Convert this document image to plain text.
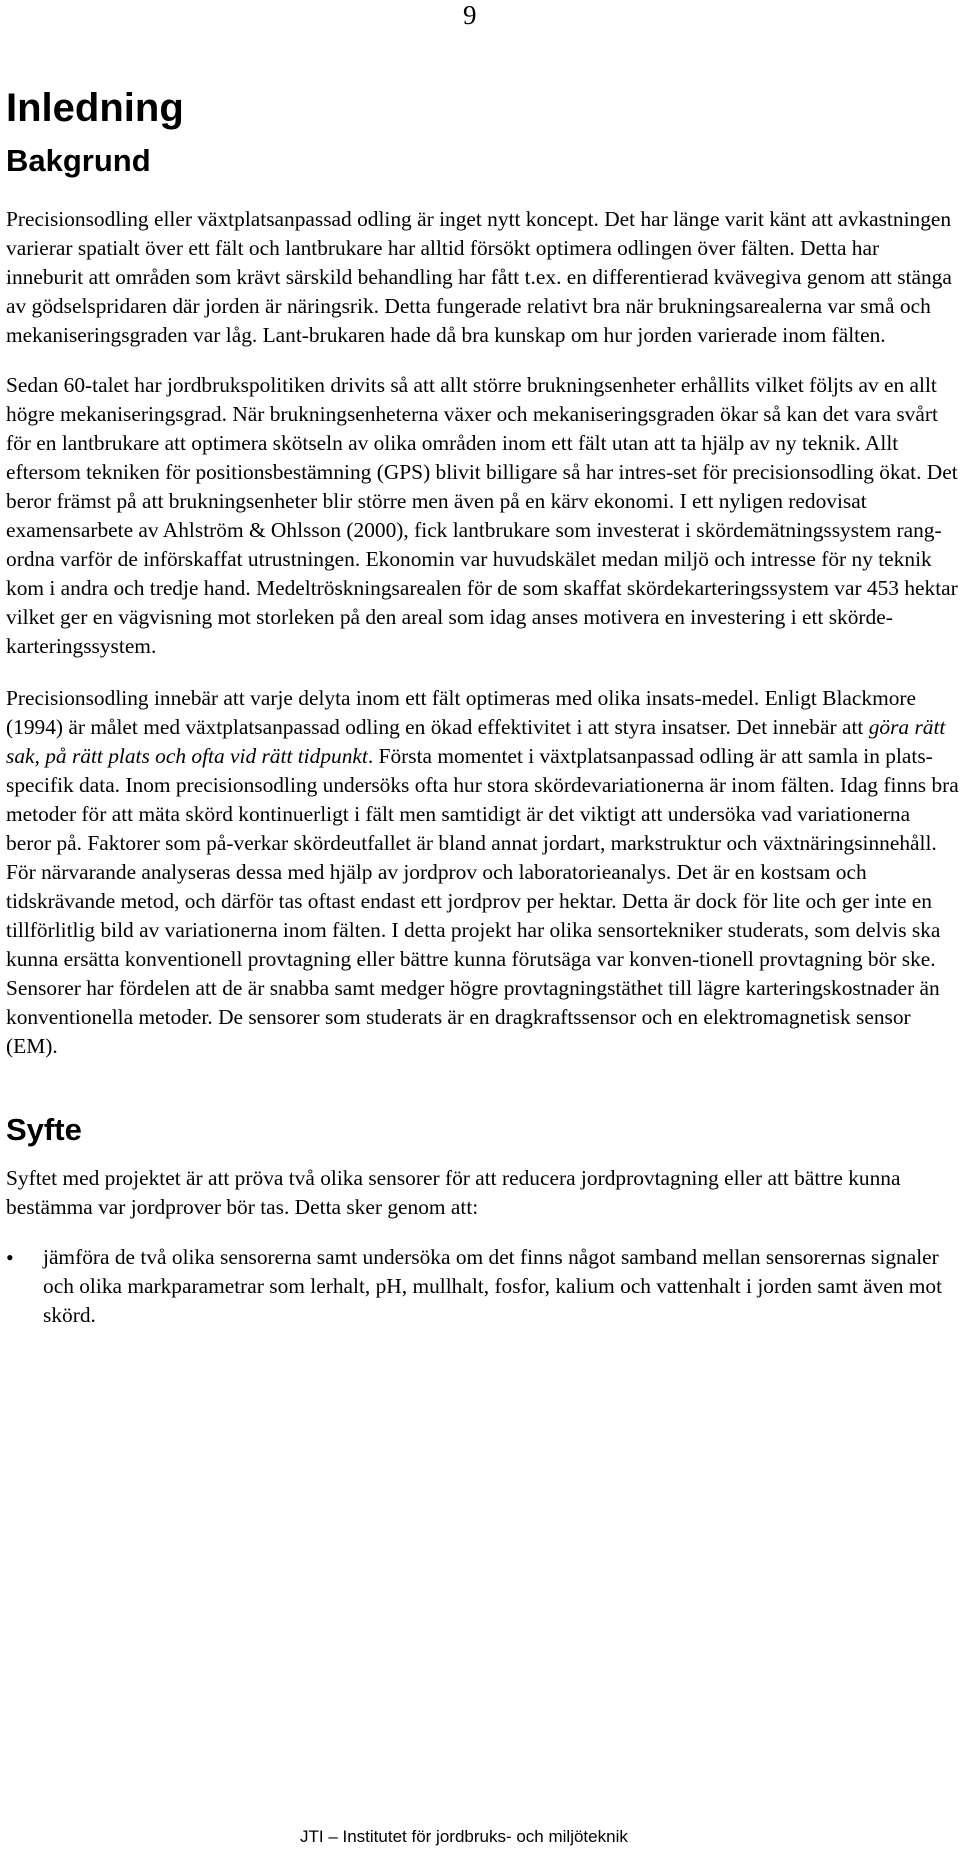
9
Inledning
Bakgrund

Precisionsodling eller växtplatsanpassad odling är inget nytt koncept. Det har länge varit känt att avkastningen varierar spatialt över ett fält och lantbrukare har alltid försökt optimera odlingen över fälten. Detta har inneburit att områden som krävt särskild behandling har fått t.ex. en differentierad kvävegiva genom att stänga av gödselspridaren där jorden är näringsrik. Detta fungerade relativt bra när brukningsarealerna var små och mekaniseringsgraden var låg. Lant-brukaren hade då bra kunskap om hur jorden varierade inom fälten.

Sedan 60-talet har jordbrukspolitiken drivits så att allt större brukningsenheter erhållits vilket följts av en allt högre mekaniseringsgrad. När brukningsenheterna växer och mekaniseringsgraden ökar så kan det vara svårt för en lantbrukare att optimera skötseln av olika områden inom ett fält utan att ta hjälp av ny teknik. Allt eftersom tekniken för positionsbestämning (GPS) blivit billigare så har intres-set för precisionsodling ökat. Det beror främst på att brukningsenheter blir större men även på en kärv ekonomi. I ett nyligen redovisat examensarbete av Ahlström & Ohlsson (2000), fick lantbrukare som investerat i skördemätningssystem rang-ordna varför de införskaffat utrustningen. Ekonomin var huvudskälet medan miljö och intresse för ny teknik kom i andra och tredje hand. Medeltröskningsarealen för de som skaffat skördekarteringssystem var 453 hektar vilket ger en vägvisning mot storleken på den areal som idag anses motivera en investering i ett skörde-karteringssystem.

Precisionsodling innebär att varje delyta inom ett fält optimeras med olika insats-medel. Enligt Blackmore (1994) är målet med växtplatsanpassad odling en ökad effektivitet i att styra insatser. Det innebär att göra rätt sak, på rätt plats och ofta vid rätt tidpunkt. Första momentet i växtplatsanpassad odling är att samla in plats-specifik data. Inom precisionsodling undersöks ofta hur stora skördevariationerna är inom fälten. Idag finns bra metoder för att mäta skörd kontinuerligt i fält men samtidigt är det viktigt att undersöka vad variationerna beror på. Faktorer som på-verkar skördeutfallet är bland annat jordart, markstruktur och växtnäringsinnehåll. För närvarande analyseras dessa med hjälp av jordprov och laboratorieanalys. Det är en kostsam och tidskrävande metod, och därför tas oftast endast ett jordprov per hektar. Detta är dock för lite och ger inte en tillförlitlig bild av variationerna inom fälten. I detta projekt har olika sensortekniker studerats, som delvis ska kunna ersätta konventionell provtagning eller bättre kunna förutsäga var konven-tionell provtagning bör ske. Sensorer har fördelen att de är snabba samt medger högre provtagningstäthet till lägre karteringskostnader än konventionella metoder. De sensorer som studerats är en dragkraftssensor och en elektromagnetisk sensor (EM).

Syfte

Syftet med projektet är att pröva två olika sensorer för att reducera jordprovtagning eller att bättre kunna bestämma var jordprover bör tas. Detta sker genom att:

• jämföra de två olika sensorerna samt undersöka om det finns något samband mellan sensorernas signaler och olika markparametrar som lerhalt, pH, mullhalt, fosfor, kalium och vattenhalt i jorden samt även mot skörd.
JTI – Institutet för jordbruks- och miljöteknik
